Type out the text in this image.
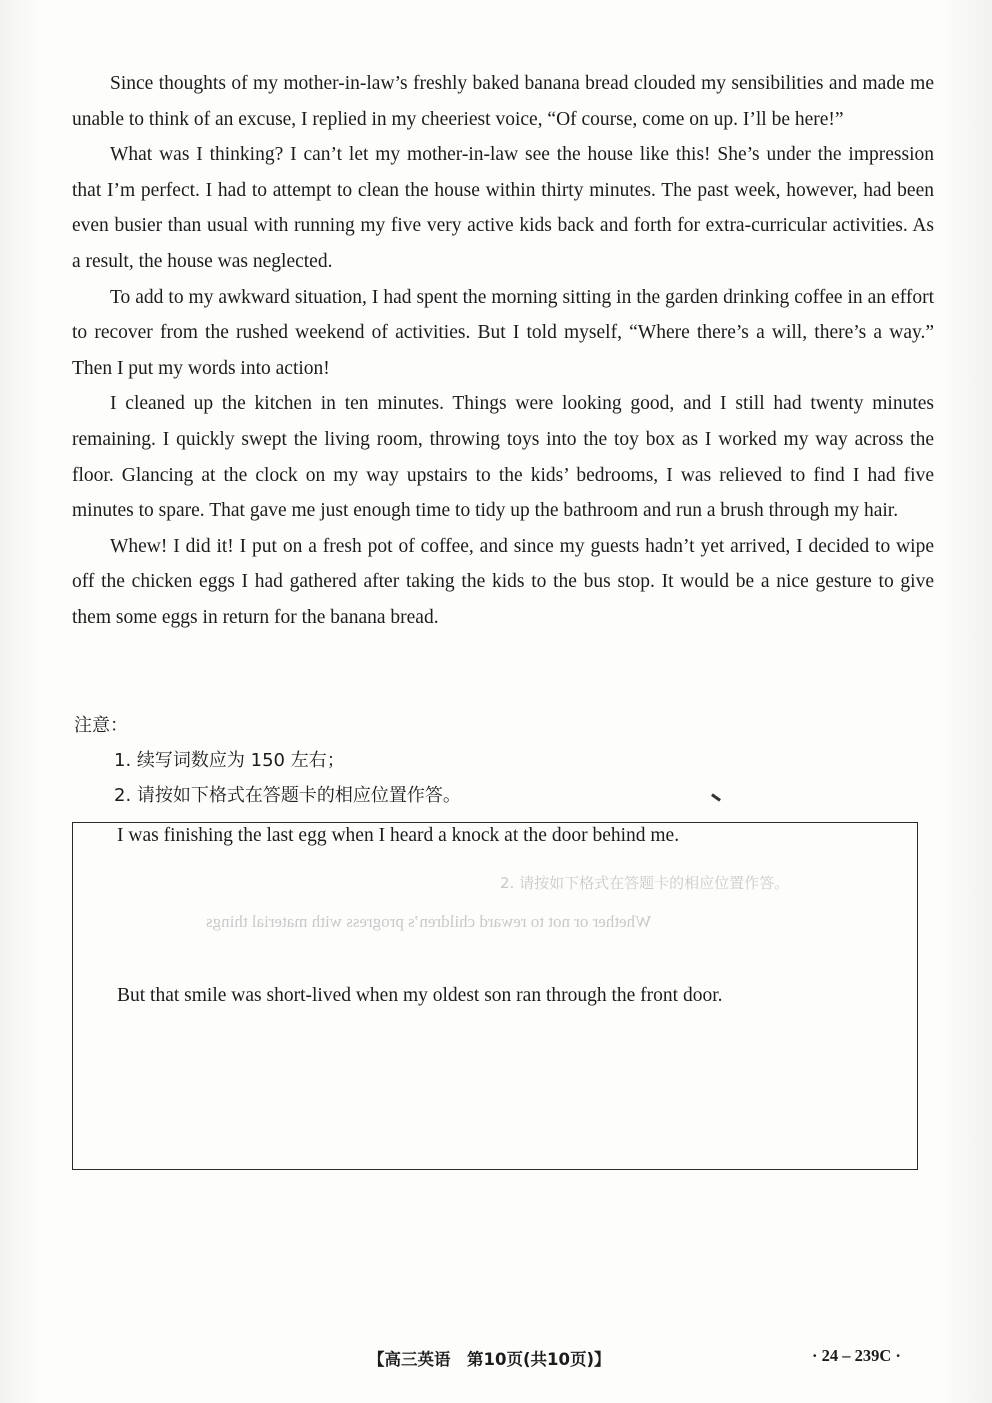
Whether or not to reward children’s progress with material things
2. 请按如下格式在答题卡的相应位置作答。

Since thoughts of my mother-in-law’s freshly baked banana bread clouded my sensibilities and made me unable to think of an excuse, I replied in my cheeriest voice, “Of course, come on up. I’ll be here!”

What was I thinking? I can’t let my mother-in-law see the house like this! She’s under the impression that I’m perfect. I had to attempt to clean the house within thirty minutes. The past week, however, had been even busier than usual with running my five very active kids back and forth for extra-curricular activities. As a result, the house was neglected.

To add to my awkward situation, I had spent the morning sitting in the garden drinking coffee in an effort to recover from the rushed weekend of activities. But I told myself, “Where there’s a will, there’s a way.” Then I put my words into action!

I cleaned up the kitchen in ten minutes. Things were looking good, and I still had twenty minutes remaining. I quickly swept the living room, throwing toys into the toy box as I worked my way across the floor. Glancing at the clock on my way upstairs to the kids’ bedrooms, I was relieved to find I had five minutes to spare. That gave me just enough time to tidy up the bathroom and run a brush through my hair.

Whew! I did it! I put on a fresh pot of coffee, and since my guests hadn’t yet arrived, I decided to wipe off the chicken eggs I had gathered after taking the kids to the bus stop. It would be a nice gesture to give them some eggs in return for the banana bread.

注意：
1. 续写词数应为 150 左右；
2. 请按如下格式在答题卡的相应位置作答。
I was finishing the last egg when I heard a knock at the door behind me.
But that smile was short-lived when my oldest son ran through the front door.
【高三英语　第10页(共10页)】	· 24 – 239C ·
